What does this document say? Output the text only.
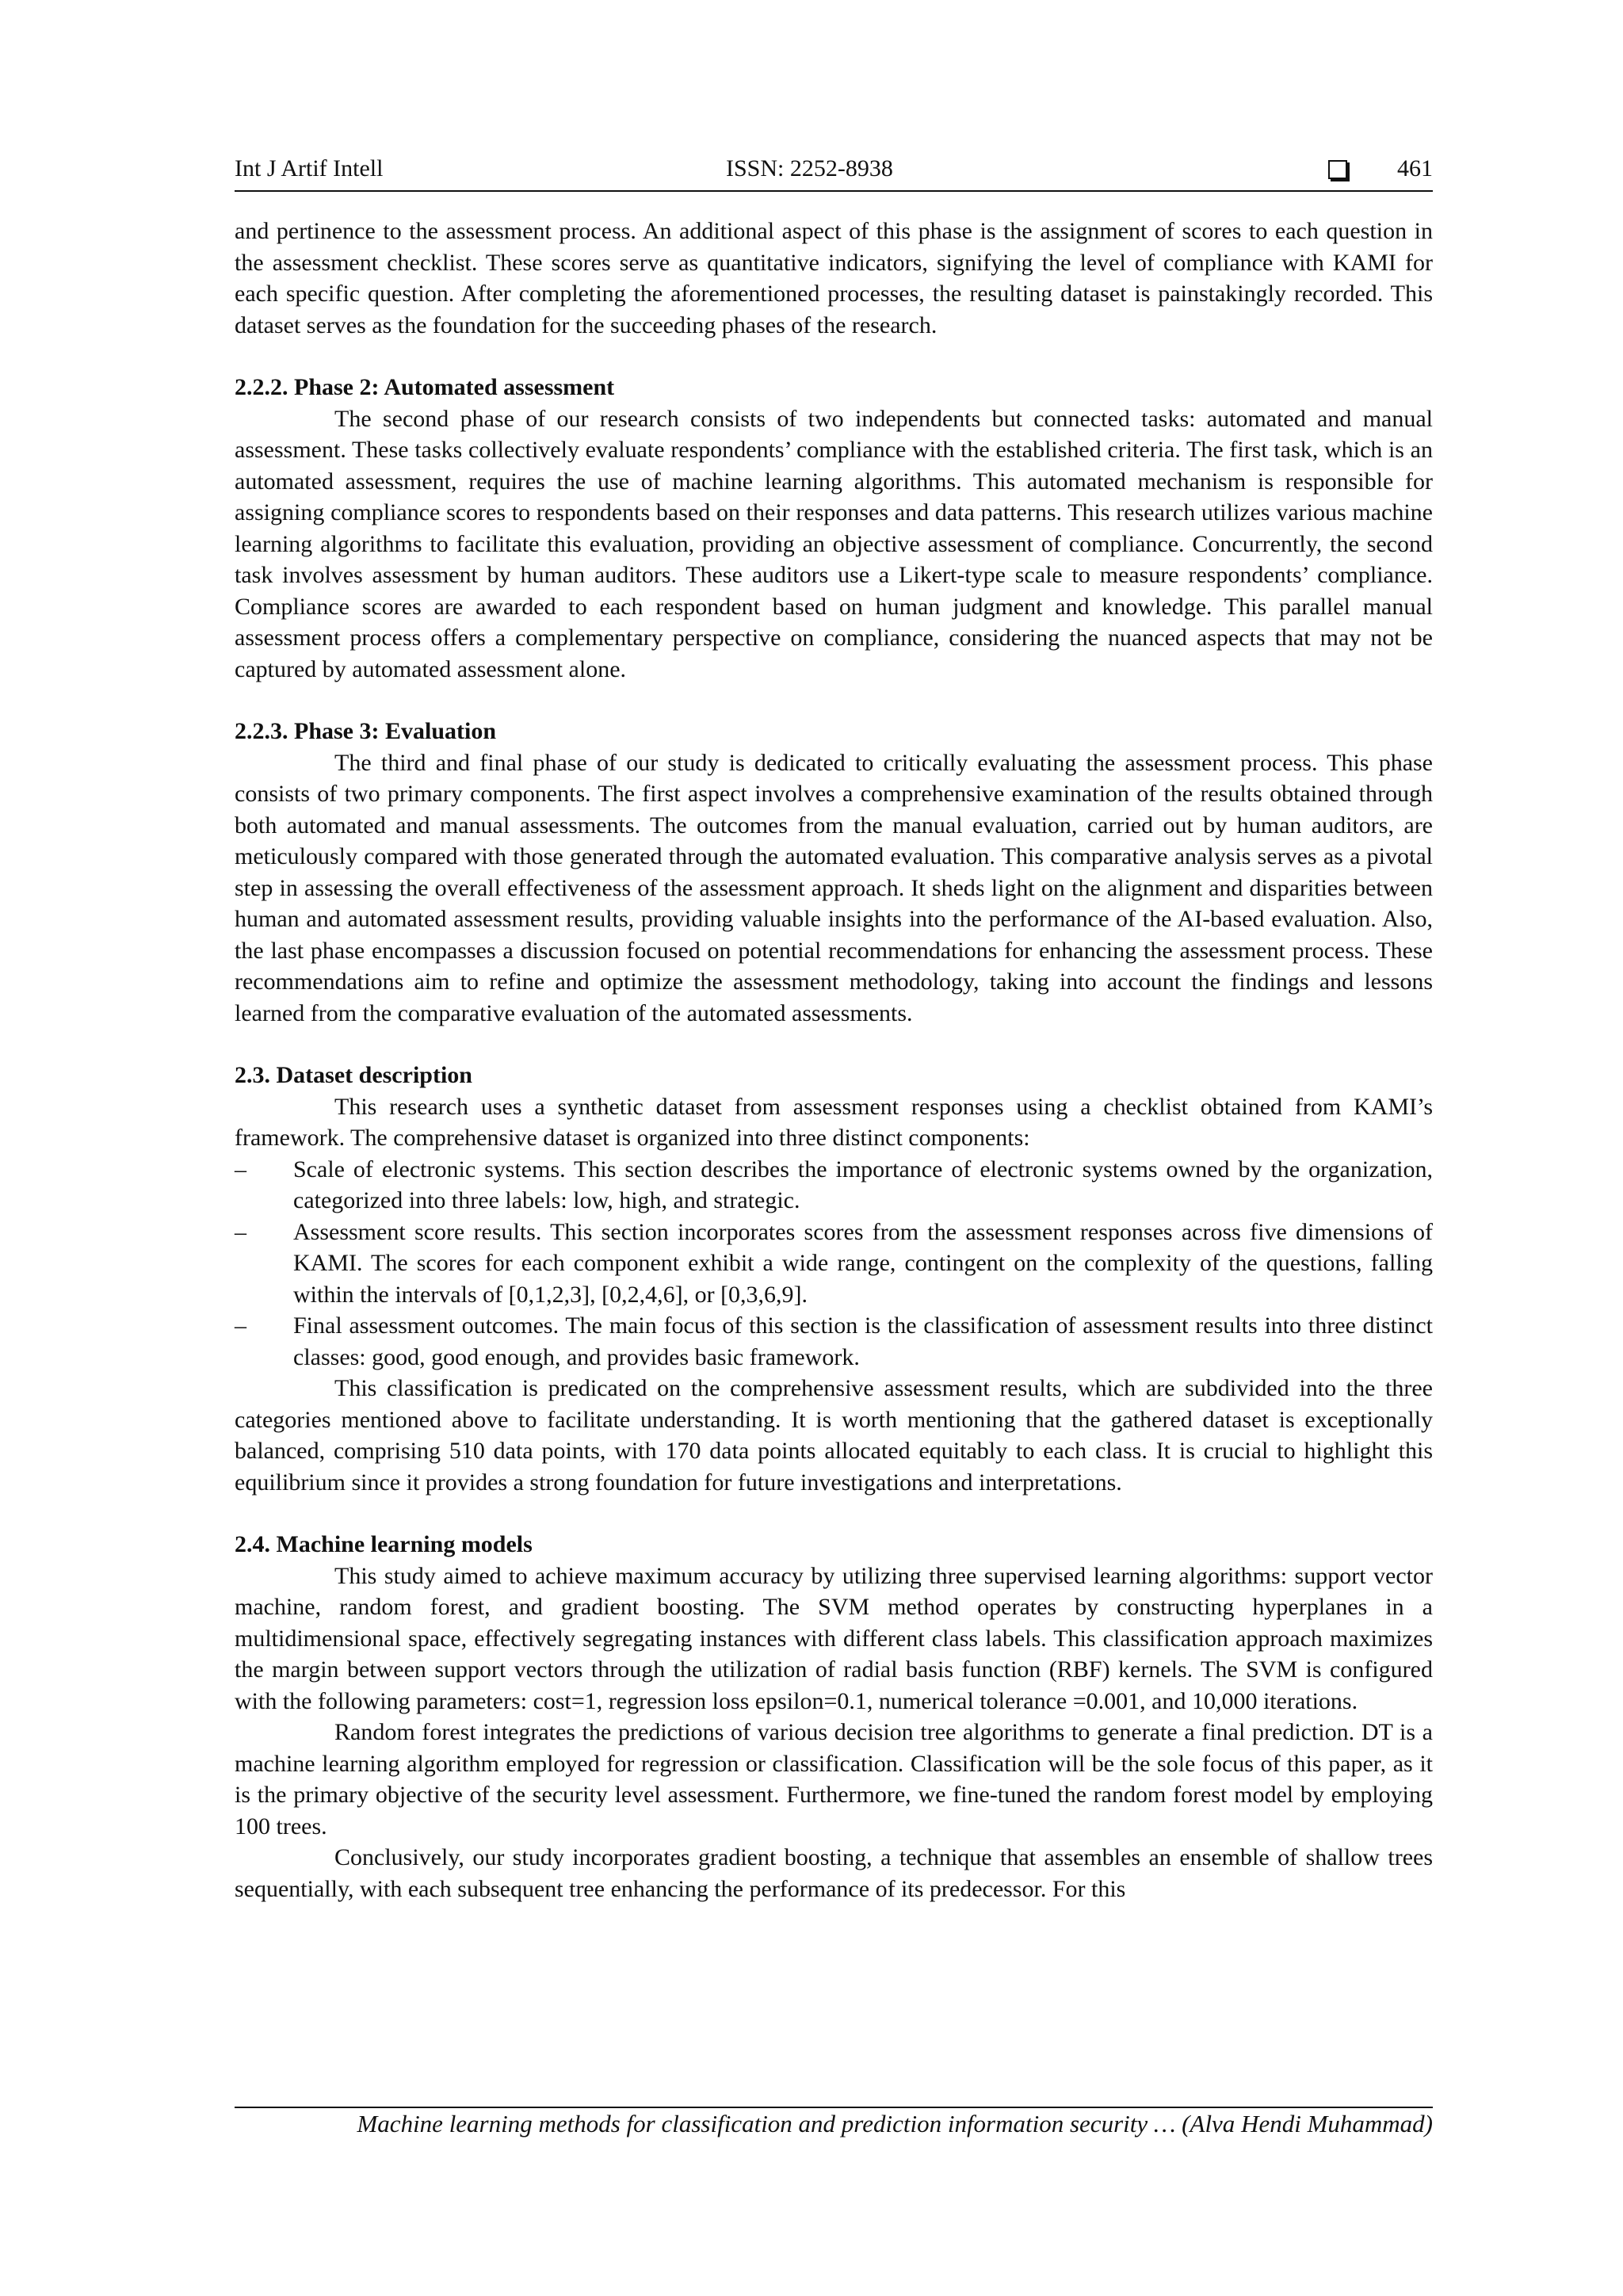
Int J Artif Intell	ISSN: 2252-8938	461

and pertinence to the assessment process. An additional aspect of this phase is the assignment of scores to each question in the assessment checklist. These scores serve as quantitative indicators, signifying the level of compliance with KAMI for each specific question. After completing the aforementioned processes, the resulting dataset is painstakingly recorded. This dataset serves as the foundation for the succeeding phases of the research.

2.2.2. Phase 2: Automated assessment

The second phase of our research consists of two independents but connected tasks: automated and manual assessment. These tasks collectively evaluate respondents’ compliance with the established criteria. The first task, which is an automated assessment, requires the use of machine learning algorithms. This automated mechanism is responsible for assigning compliance scores to respondents based on their responses and data patterns. This research utilizes various machine learning algorithms to facilitate this evaluation, providing an objective assessment of compliance. Concurrently, the second task involves assessment by human auditors. These auditors use a Likert-type scale to measure respondents’ compliance. Compliance scores are awarded to each respondent based on human judgment and knowledge. This parallel manual assessment process offers a complementary perspective on compliance, considering the nuanced aspects that may not be captured by automated assessment alone.

2.2.3. Phase 3: Evaluation

The third and final phase of our study is dedicated to critically evaluating the assessment process. This phase consists of two primary components. The first aspect involves a comprehensive examination of the results obtained through both automated and manual assessments. The outcomes from the manual evaluation, carried out by human auditors, are meticulously compared with those generated through the automated evaluation. This comparative analysis serves as a pivotal step in assessing the overall effectiveness of the assessment approach. It sheds light on the alignment and disparities between human and automated assessment results, providing valuable insights into the performance of the AI-based evaluation. Also, the last phase encompasses a discussion focused on potential recommendations for enhancing the assessment process. These recommendations aim to refine and optimize the assessment methodology, taking into account the findings and lessons learned from the comparative evaluation of the automated assessments.

2.3. Dataset description

This research uses a synthetic dataset from assessment responses using a checklist obtained from KAMI’s framework. The comprehensive dataset is organized into three distinct components:

– Scale of electronic systems. This section describes the importance of electronic systems owned by the organization, categorized into three labels: low, high, and strategic.
– Assessment score results. This section incorporates scores from the assessment responses across five dimensions of KAMI. The scores for each component exhibit a wide range, contingent on the complexity of the questions, falling within the intervals of [0,1,2,3], [0,2,4,6], or [0,3,6,9].
– Final assessment outcomes. The main focus of this section is the classification of assessment results into three distinct classes: good, good enough, and provides basic framework.

This classification is predicated on the comprehensive assessment results, which are subdivided into the three categories mentioned above to facilitate understanding. It is worth mentioning that the gathered dataset is exceptionally balanced, comprising 510 data points, with 170 data points allocated equitably to each class. It is crucial to highlight this equilibrium since it provides a strong foundation for future investigations and interpretations.

2.4. Machine learning models

This study aimed to achieve maximum accuracy by utilizing three supervised learning algorithms: support vector machine, random forest, and gradient boosting. The SVM method operates by constructing hyperplanes in a multidimensional space, effectively segregating instances with different class labels. This classification approach maximizes the margin between support vectors through the utilization of radial basis function (RBF) kernels. The SVM is configured with the following parameters: cost=1, regression loss epsilon=0.1, numerical tolerance =0.001, and 10,000 iterations.

Random forest integrates the predictions of various decision tree algorithms to generate a final prediction. DT is a machine learning algorithm employed for regression or classification. Classification will be the sole focus of this paper, as it is the primary objective of the security level assessment. Furthermore, we fine-tuned the random forest model by employing 100 trees.

Conclusively, our study incorporates gradient boosting, a technique that assembles an ensemble of shallow trees sequentially, with each subsequent tree enhancing the performance of its predecessor. For this

Machine learning methods for classification and prediction information security … (Alva Hendi Muhammad)
